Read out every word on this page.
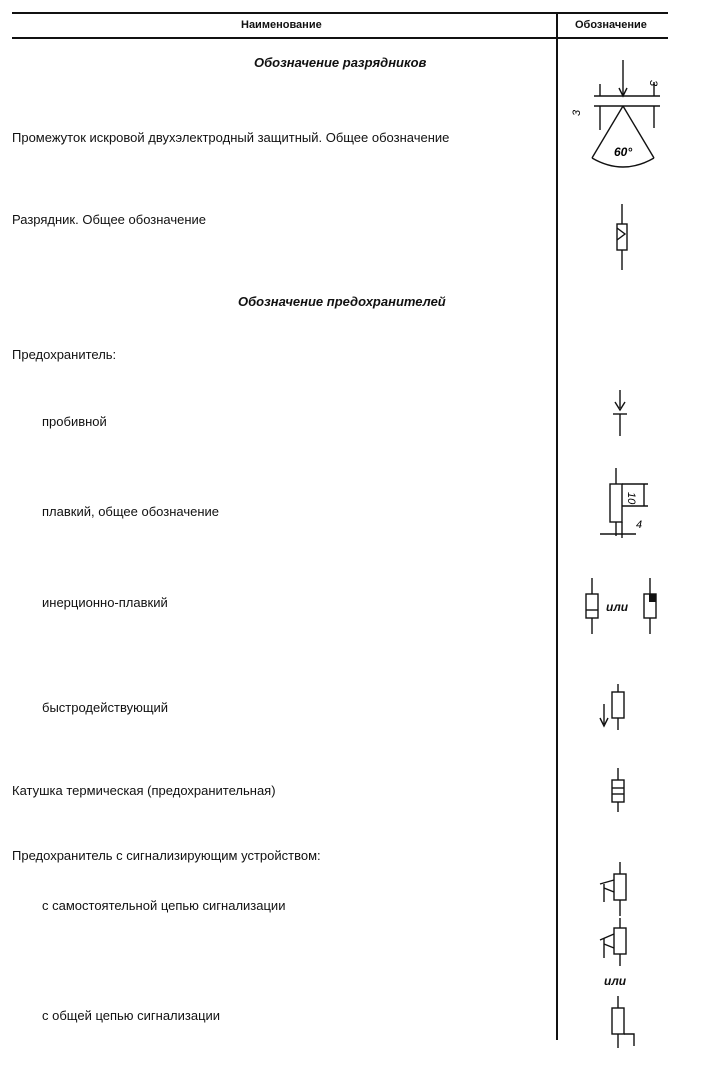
Наименование	Обозначение
Обозначение разрядников
Обозначение предохранителей
Промежуток искровой двухэлектродный защитный. Общее обозначение
Разрядник. Общее обозначение
Предохранитель:
пробивной
плавкий, общее обозначение
инерционно-плавкий
быстродействующий
Катушка термическая (предохранительная)
Предохранитель с сигнализирующим устройством:
с самостоятельной цепью сигнализации
с общей цепью сигнализации
3
3
60°
10
4
или
или
